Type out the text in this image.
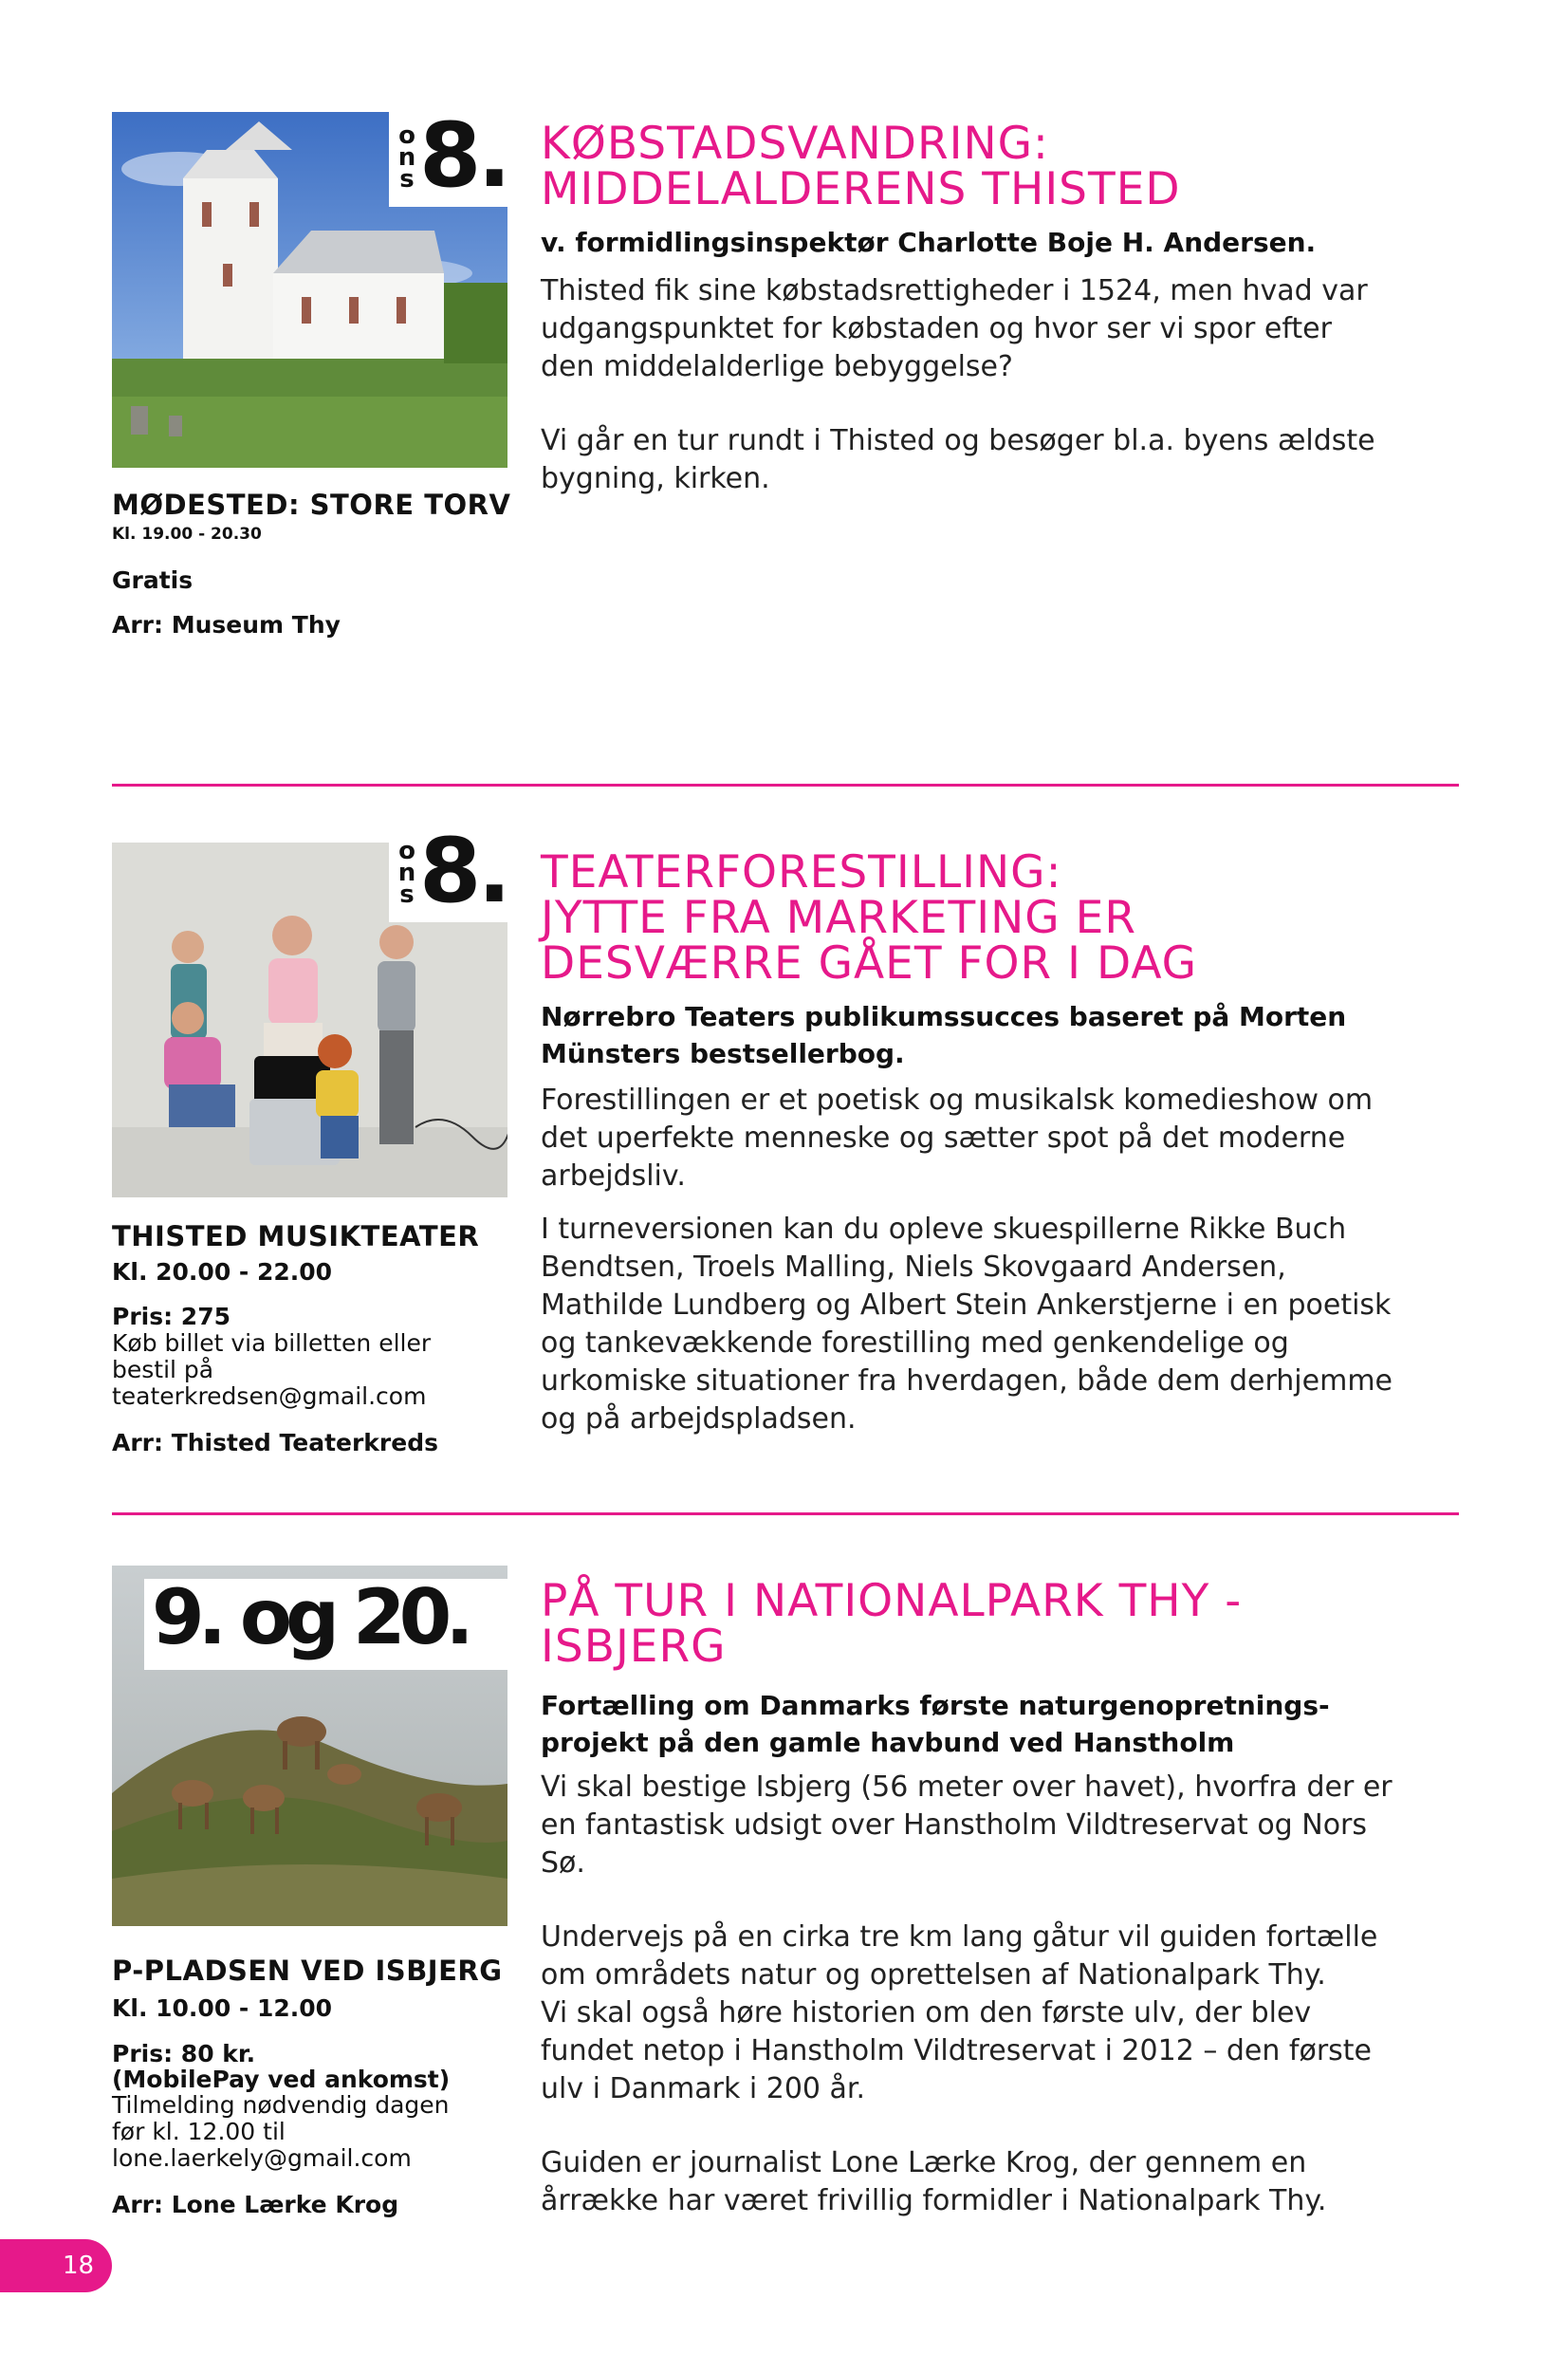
o
n
s 8.
MØDESTED: STORE TORV
Kl. 19.00 - 20.30
Gratis
Arr: Museum Thy
KØBSTADSVANDRING:
MIDDELALDERENS THISTED
v. formidlingsinspektør Charlotte Boje H. Andersen.
Thisted fik sine købstadsrettigheder i 1524, men hvad var
udgangspunktet for købstaden og hvor ser vi spor efter
den middelalderlige bebyggelse?
Vi går en tur rundt i Thisted og besøger bl.a. byens ældste
bygning, kirken.
o
n
s 8.
THISTED MUSIKTEATER
Kl. 20.00 - 22.00
Pris: 275
Køb billet via billetten eller
bestil på
teaterkredsen@gmail.com
Arr: Thisted Teaterkreds
TEATERFORESTILLING:
JYTTE FRA MARKETING ER
DESVÆRRE GÅET FOR I DAG
Nørrebro Teaters publikumssucces baseret på Morten
Münsters bestsellerbog.
Forestillingen er et poetisk og musikalsk komedieshow om
det uperfekte menneske og sætter spot på det moderne
arbejdsliv.
I turneversionen kan du opleve skuespillerne Rikke Buch
Bendtsen, Troels Malling, Niels Skovgaard Andersen,
Mathilde Lundberg og Albert Stein Ankerstjerne i en poetisk
og tankevækkende forestilling med genkendelige og
urkomiske situationer fra hverdagen, både dem derhjemme
og på arbejdspladsen.
9. og 20.
P-PLADSEN VED ISBJERG
Kl. 10.00 - 12.00
Pris: 80 kr.
(MobilePay ved ankomst)
Tilmelding nødvendig dagen
før kl. 12.00 til
lone.laerkely@gmail.com
Arr: Lone Lærke Krog
PÅ TUR I NATIONALPARK THY -
ISBJERG
Fortælling om Danmarks første naturgenopretnings-
projekt på den gamle havbund ved Hanstholm
Vi skal bestige Isbjerg (56 meter over havet), hvorfra der er
en fantastisk udsigt over Hanstholm Vildtreservat og Nors
Sø.
Undervejs på en cirka tre km lang gåtur vil guiden fortælle
om områdets natur og oprettelsen af Nationalpark Thy.
Vi skal også høre historien om den første ulv, der blev
fundet netop i Hanstholm Vildtreservat i 2012 – den første
ulv i Danmark i 200 år.
Guiden er journalist Lone Lærke Krog, der gennem en
årrække har været frivillig formidler i Nationalpark Thy.
18
